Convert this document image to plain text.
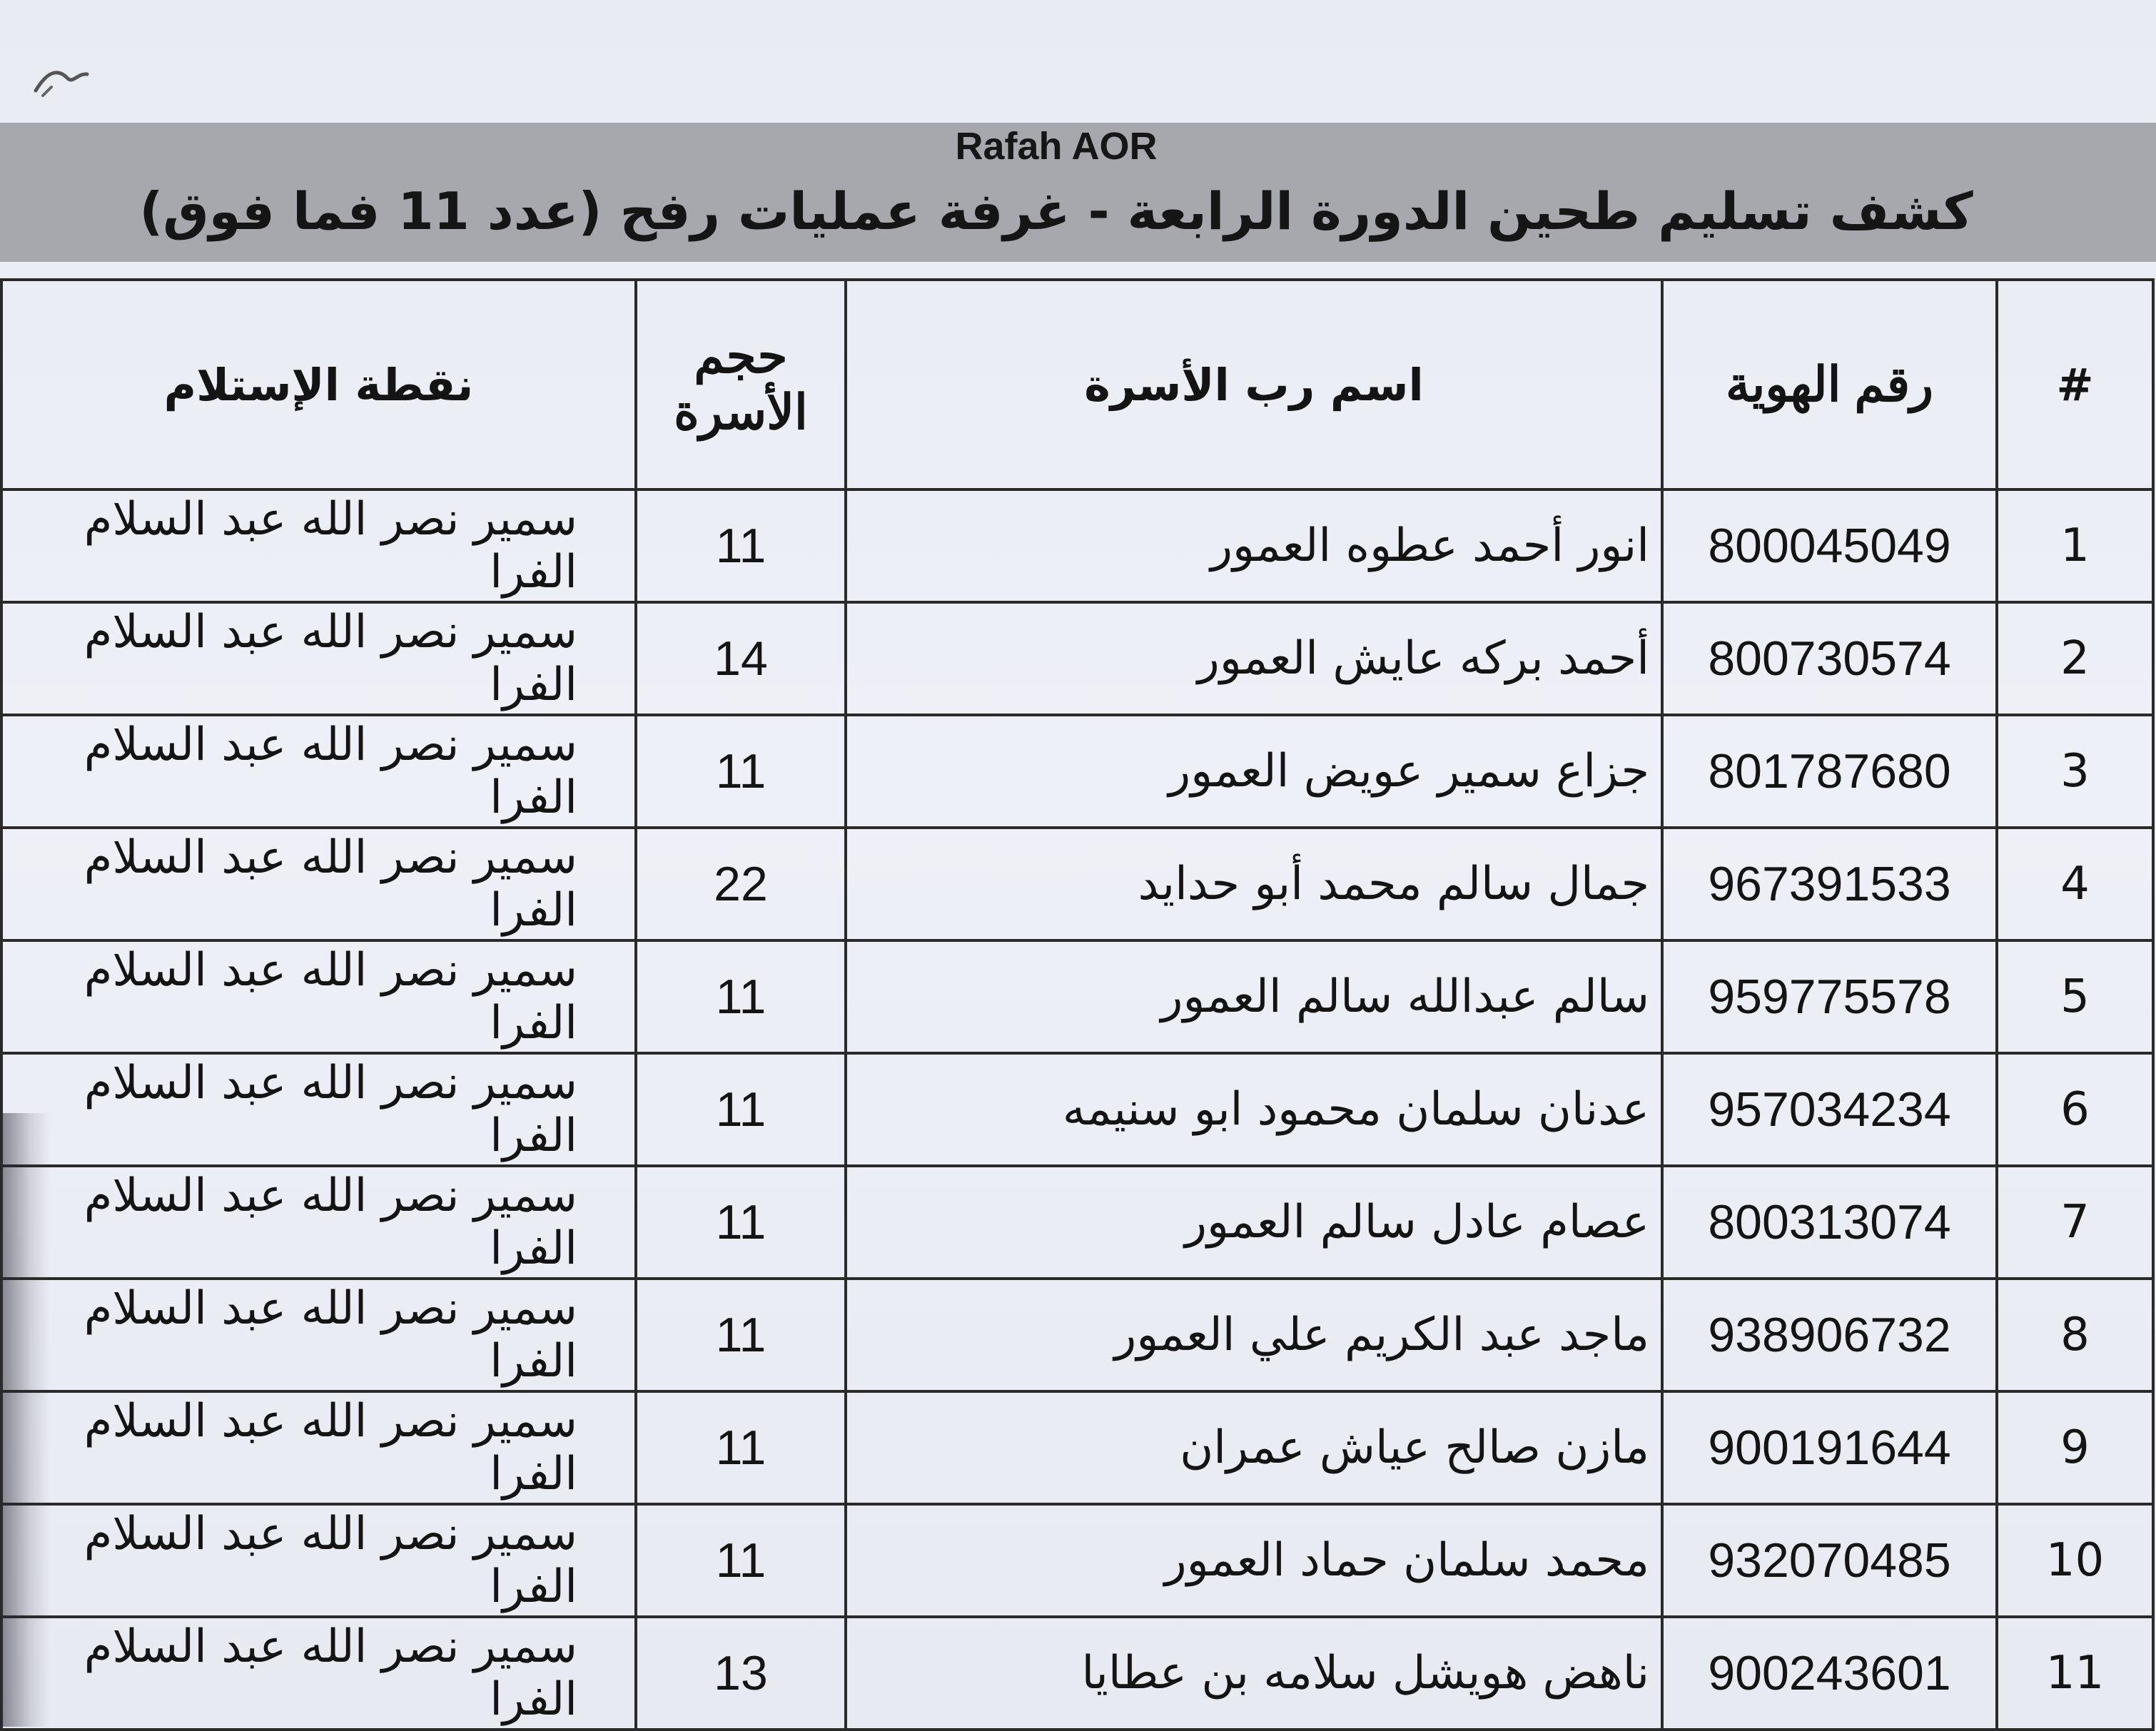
Rafah AOR
كشف تسليم طحين الدورة الرابعة - غرفة عمليات رفح (عدد 11 فما فوق)
#	رقم الهوية	اسم رب الأسرة	حجم الأسرة	نقطة الإستلام
1	800045049	انور أحمد عطوه العمور	11	سمير نصر الله عبد السلام الفرا
2	800730574	أحمد بركه عايش العمور	14	سمير نصر الله عبد السلام الفرا
3	801787680	جزاع سمير عويض العمور	11	سمير نصر الله عبد السلام الفرا
4	967391533	جمال سالم محمد أبو حدايد	22	سمير نصر الله عبد السلام الفرا
5	959775578	سالم عبدالله سالم العمور	11	سمير نصر الله عبد السلام الفرا
6	957034234	عدنان سلمان محمود ابو سنيمه	11	سمير نصر الله عبد السلام الفرا
7	800313074	عصام عادل سالم العمور	11	سمير نصر الله عبد السلام الفرا
8	938906732	ماجد عبد الكريم علي العمور	11	سمير نصر الله عبد السلام الفرا
9	900191644	مازن صالح عياش عمران	11	سمير نصر الله عبد السلام الفرا
10	932070485	محمد سلمان حماد العمور	11	سمير نصر الله عبد السلام الفرا
11	900243601	ناهض هويشل سلامه بن عطايا	13	سمير نصر الله عبد السلام الفرا
